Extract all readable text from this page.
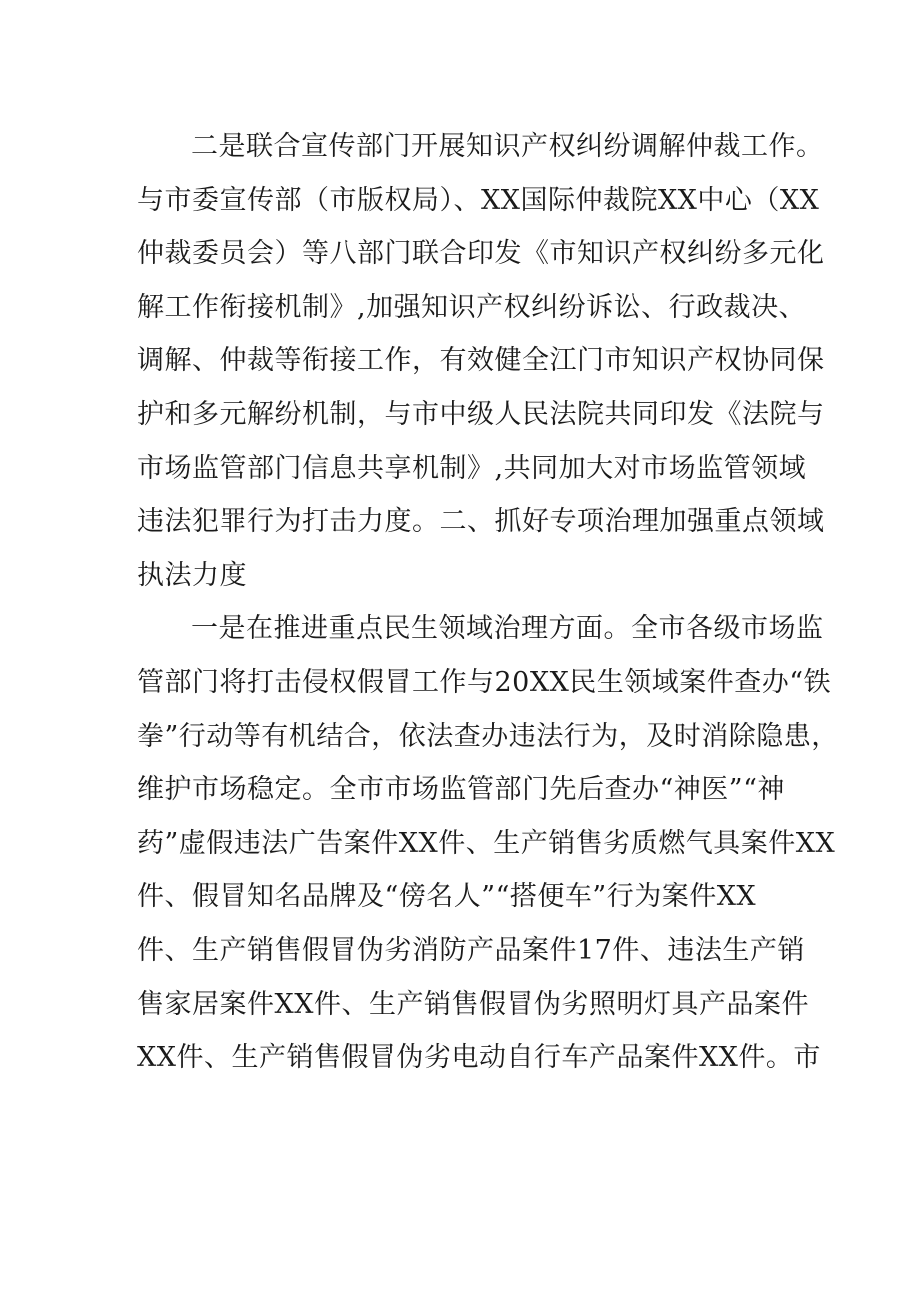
二是联合宣传部门开展知识产权纠纷调解仲裁工作。
与市委宣传部（市版权局）、XX国际仲裁院XX中心（XX
仲裁委员会）等八部门联合印发《市知识产权纠纷多元化
解工作衔接机制》,加强知识产权纠纷诉讼、行政裁决、
调解、仲裁等衔接工作，有效健全江门市知识产权协同保
护和多元解纷机制，与市中级人民法院共同印发《法院与
市场监管部门信息共享机制》,共同加大对市场监管领域
违法犯罪行为打击力度。二、抓好专项治理加强重点领域
执法力度
一是在推进重点民生领域治理方面。全市各级市场监
管部门将打击侵权假冒工作与20XX民生领域案件查办“铁
拳”行动等有机结合，依法查办违法行为，及时消除隐患，
维护市场稳定。全市市场监管部门先后查办“神医”“神
药”虚假违法广告案件XX件、生产销售劣质燃气具案件XX
件、假冒知名品牌及“傍名人”“搭便车”行为案件XX
件、生产销售假冒伪劣消防产品案件17件、违法生产销
售家居案件XX件、生产销售假冒伪劣照明灯具产品案件
XX件、生产销售假冒伪劣电动自行车产品案件XX件。市
